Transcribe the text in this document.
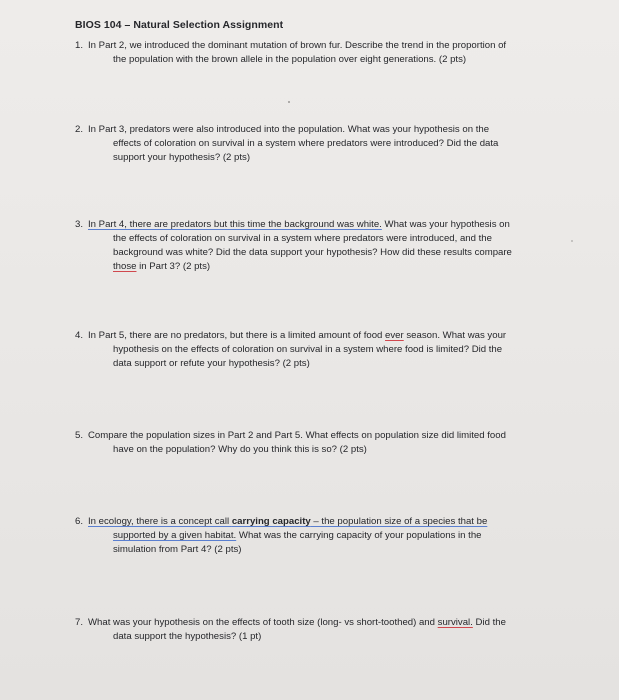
BIOS 104 – Natural Selection Assignment
1. In Part 2, we introduced the dominant mutation of brown fur. Describe the trend in the proportion of
the population with the brown allele in the population over eight generations. (2 pts)
2. In Part 3, predators were also introduced into the population. What was your hypothesis on the
effects of coloration on survival in a system where predators were introduced? Did the data
support your hypothesis? (2 pts)
3. In Part 4, there are predators but this time the background was white. What was your hypothesis on
the effects of coloration on survival in a system where predators were introduced, and the
background was white? Did the data support your hypothesis? How did these results compare
those in Part 3? (2 pts)
4. In Part 5, there are no predators, but there is a limited amount of food ever season. What was your
hypothesis on the effects of coloration on survival in a system where food is limited? Did the
data support or refute your hypothesis? (2 pts)
5. Compare the population sizes in Part 2 and Part 5. What effects on population size did limited food
have on the population? Why do you think this is so? (2 pts)
6. In ecology, there is a concept call carrying capacity – the population size of a species that be
supported by a given habitat. What was the carrying capacity of your populations in the
simulation from Part 4? (2 pts)
7. What was your hypothesis on the effects of tooth size (long- vs short-toothed) and survival. Did the
data support the hypothesis? (1 pt)
